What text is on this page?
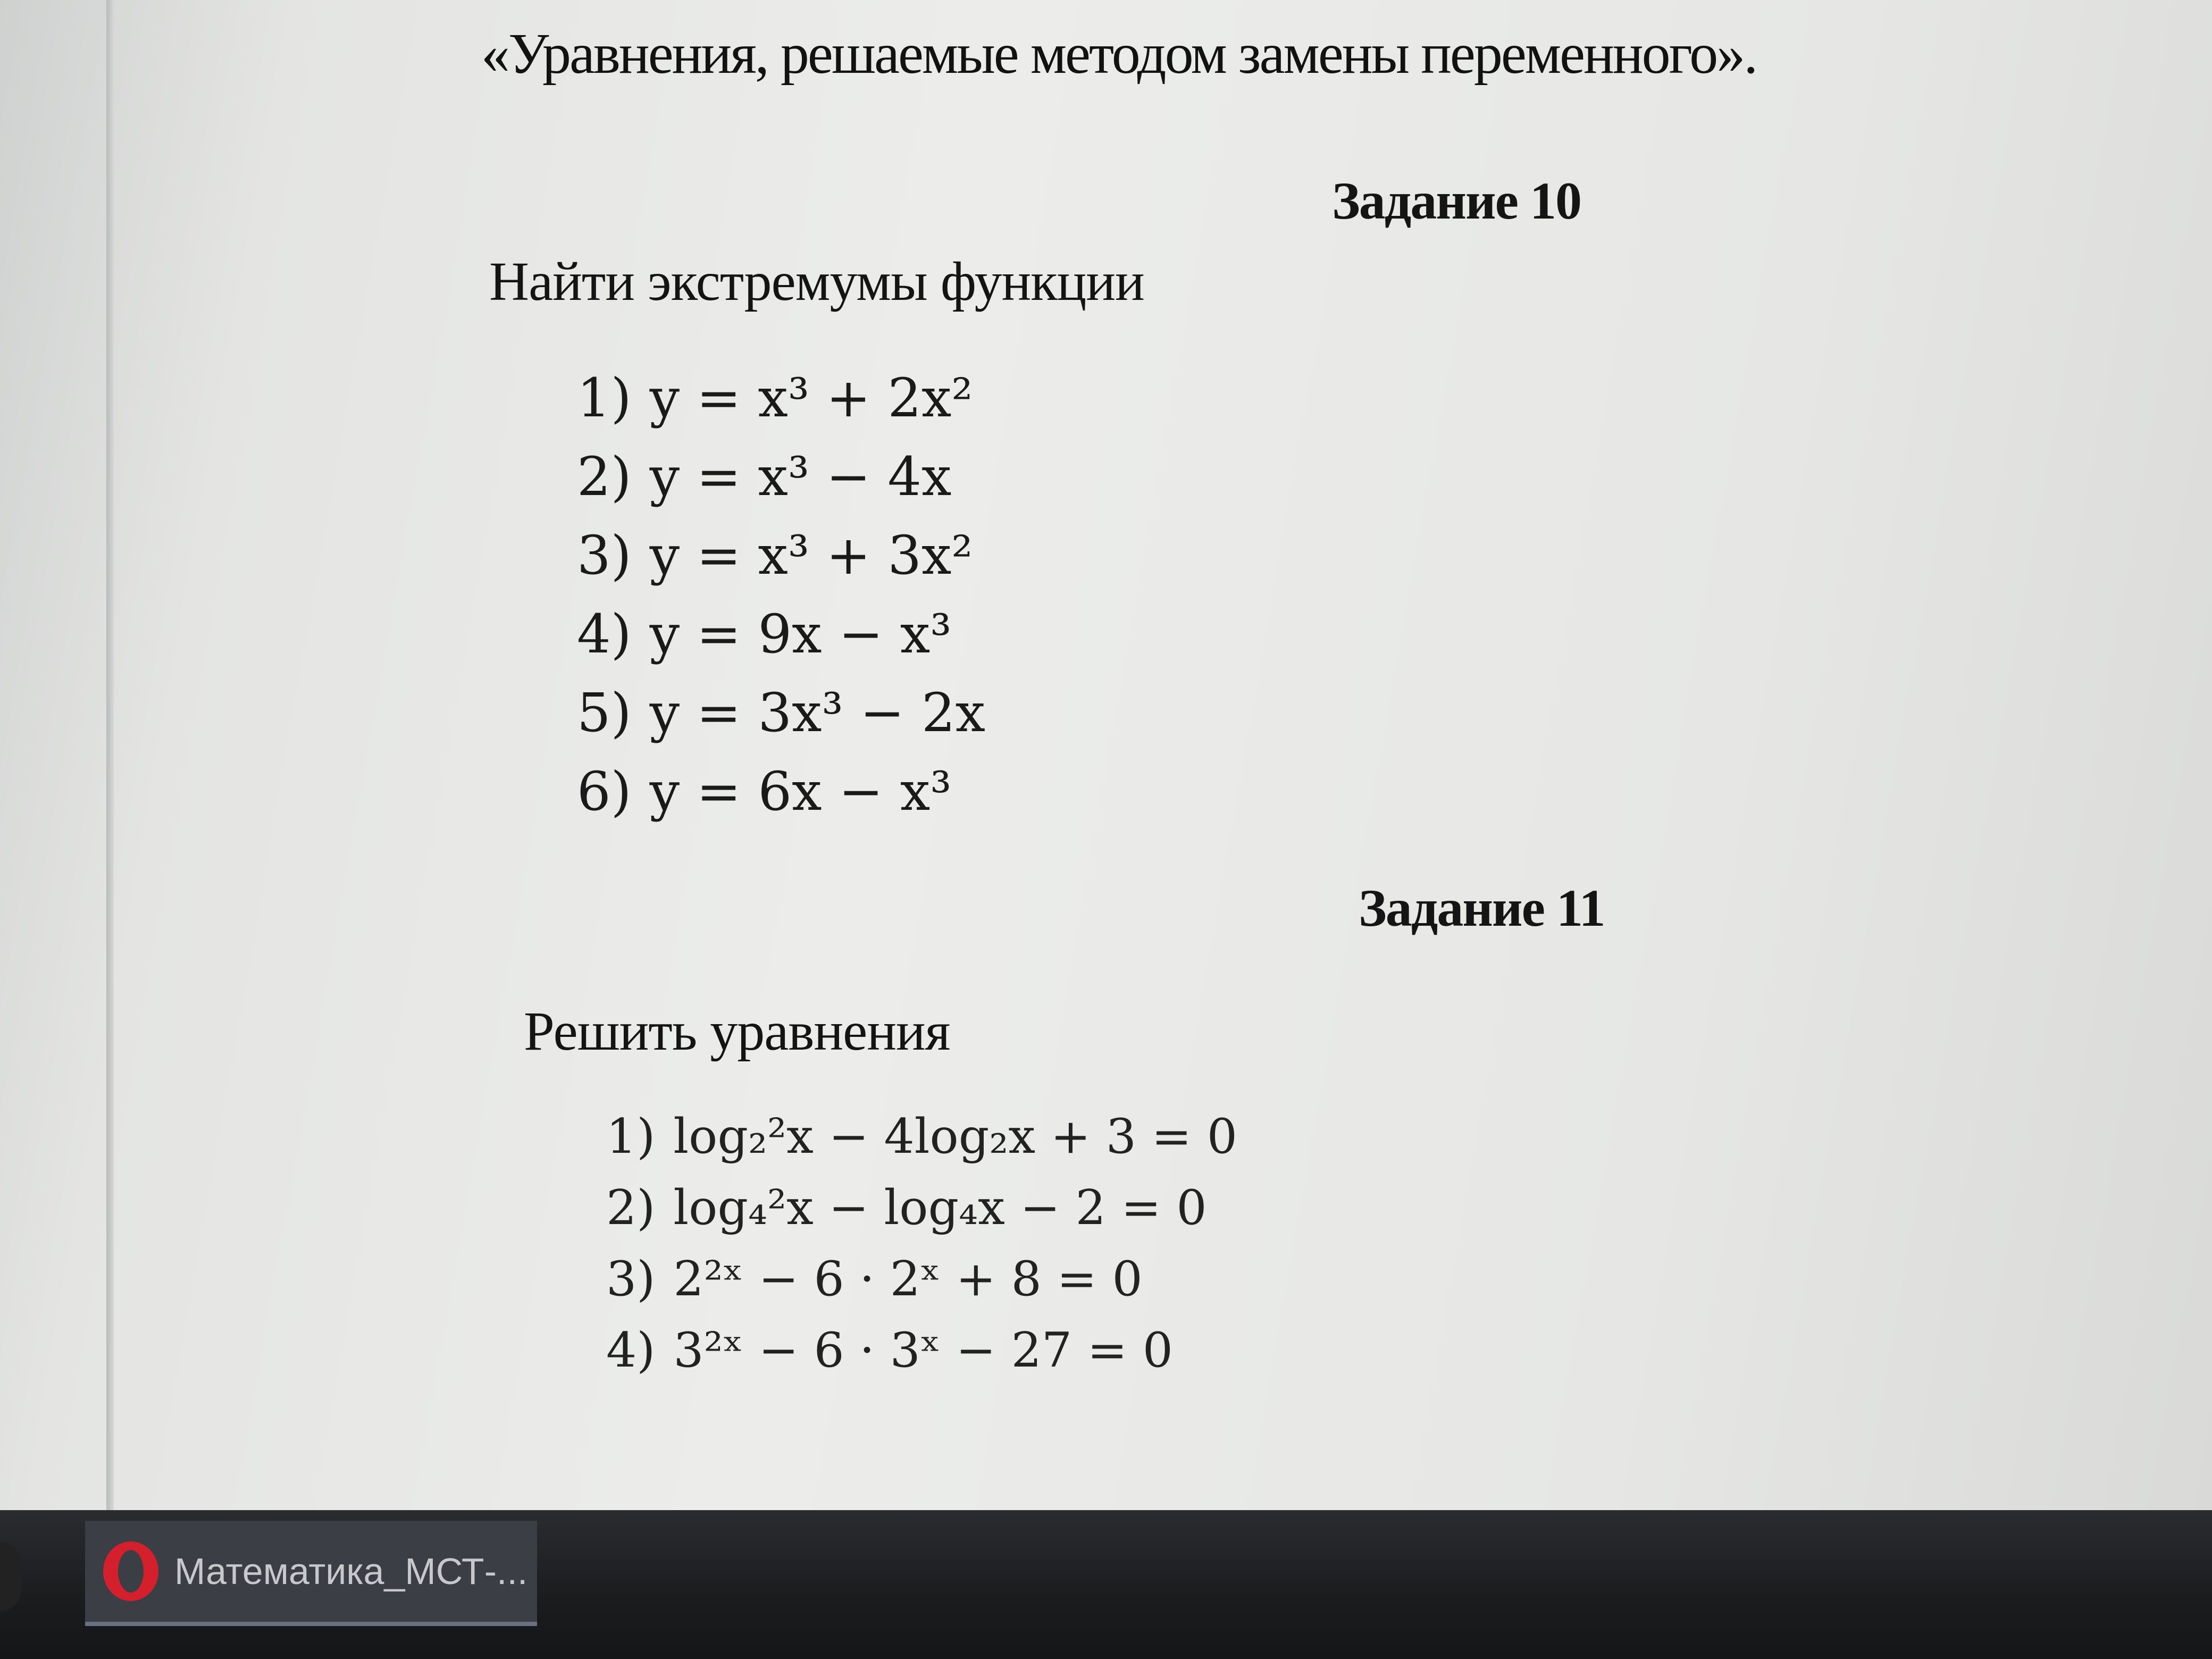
«Уравнения, решаемые методом замены переменного».
Задание 10
Найти экстремумы функции
1) y = x³ + 2x²
2) y = x³ − 4x
3) y = x³ + 3x²
4) y = 9x − x³
5) y = 3x³ − 2x
6) y = 6x − x³
Задание 11
Решить уравнения
1) log₂²x − 4log₂x + 3 = 0
2) log₄²x − log₄x − 2 = 0
3) 2²ˣ − 6 · 2ˣ + 8 = 0
4) 3²ˣ − 6 · 3ˣ − 27 = 0
Математика_МСТ-...
